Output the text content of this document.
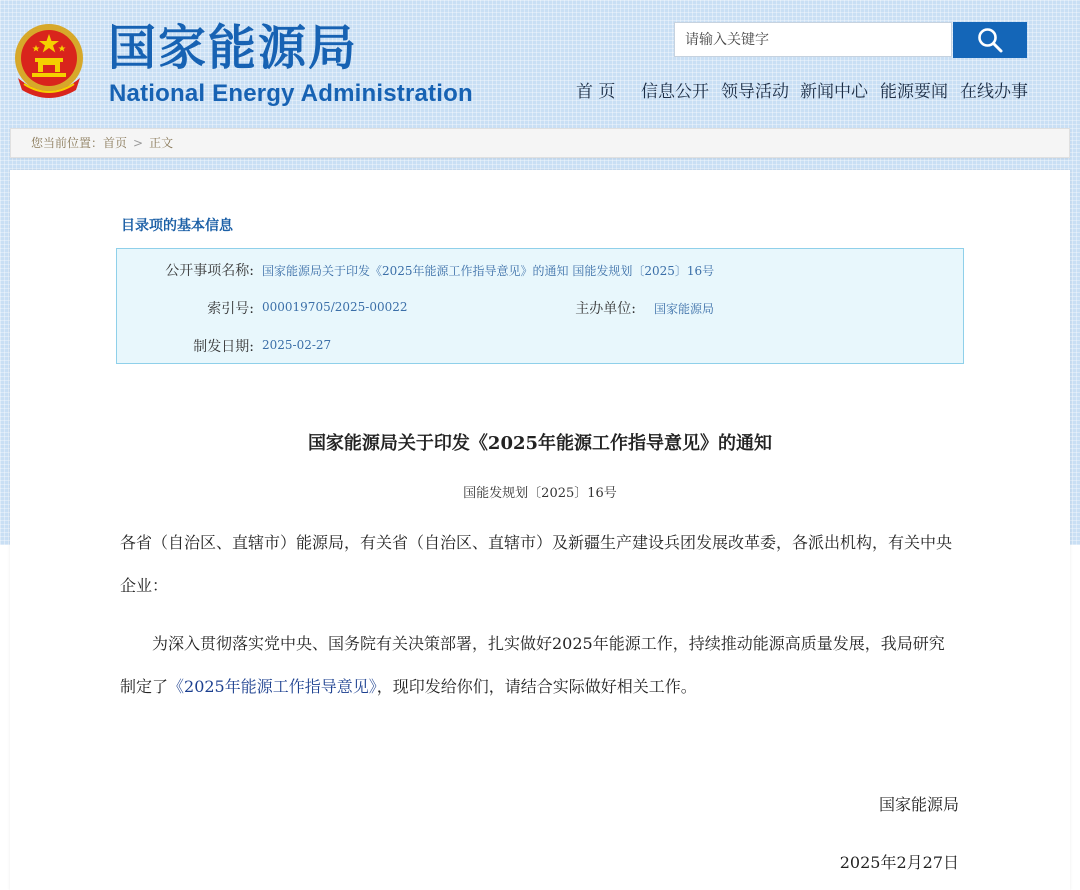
国家能源局
National Energy Administration
请输入关键字	首 页 信息公开 领导活动 新闻中心 能源要闻 在线办事
您当前位置：首页 > 正文
目录项的基本信息
公开事项名称: 国家能源局关于印发《2025年能源工作指导意见》的通知 国能发规划〔2025〕16号
索引号: 000019705/2025-00022	主办单位: 国家能源局
制发日期: 2025-02-27
国家能源局关于印发《2025年能源工作指导意见》的通知
国能发规划〔2025〕16号
各省（自治区、直辖市）能源局，有关省（自治区、直辖市）及新疆生产建设兵团发展改革委，各派出机构，有关中央企业：
为深入贯彻落实党中央、国务院有关决策部署，扎实做好2025年能源工作，持续推动能源高质量发展，我局研究制定了《2025年能源工作指导意见》，现印发给你们，请结合实际做好相关工作。
国家能源局
2025年2月27日
